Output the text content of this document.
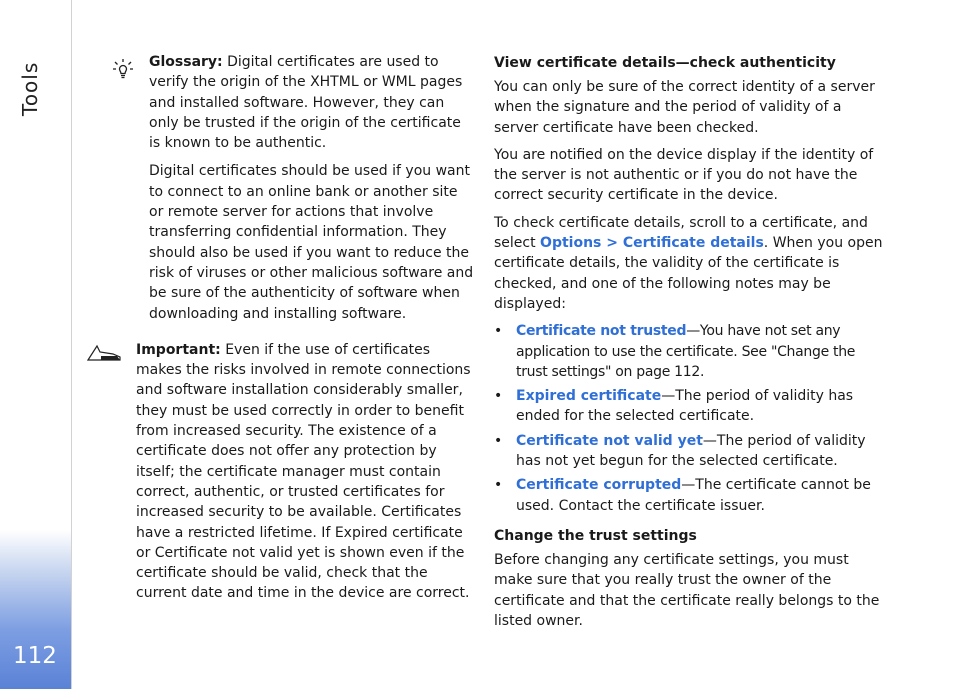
Tools
112

Glossary: Digital certificates are used to verify the origin of the XHTML or WML pages and installed software. However, they can only be trusted if the origin of the certificate is known to be authentic.

Digital certificates should be used if you want to connect to an online bank or another site or remote server for actions that involve transferring confidential information. They should also be used if you want to reduce the risk of viruses or other malicious software and be sure of the authenticity of software when downloading and installing software.

Important: Even if the use of certificates makes the risks involved in remote connections and software installation considerably smaller, they must be used correctly in order to benefit from increased security. The existence of a certificate does not offer any protection by itself; the certificate manager must contain correct, authentic, or trusted certificates for increased security to be available. Certificates have a restricted lifetime. If Expired certificate or Certificate not valid yet is shown even if the certificate should be valid, check that the current date and time in the device are correct.

View certificate details—check authenticity

You can only be sure of the correct identity of a server when the signature and the period of validity of a server certificate have been checked.

You are notified on the device display if the identity of the server is not authentic or if you do not have the correct security certificate in the device.

To check certificate details, scroll to a certificate, and select Options > Certificate details. When you open certificate details, the validity of the certificate is checked, and one of the following notes may be displayed:

• Certificate not trusted—You have not set any application to use the certificate. See "Change the trust settings" on page 112.
• Expired certificate—The period of validity has ended for the selected certificate.
• Certificate not valid yet—The period of validity has not yet begun for the selected certificate.
• Certificate corrupted—The certificate cannot be used. Contact the certificate issuer.
Change the trust settings

Before changing any certificate settings, you must make sure that you really trust the owner of the certificate and that the certificate really belongs to the listed owner.
